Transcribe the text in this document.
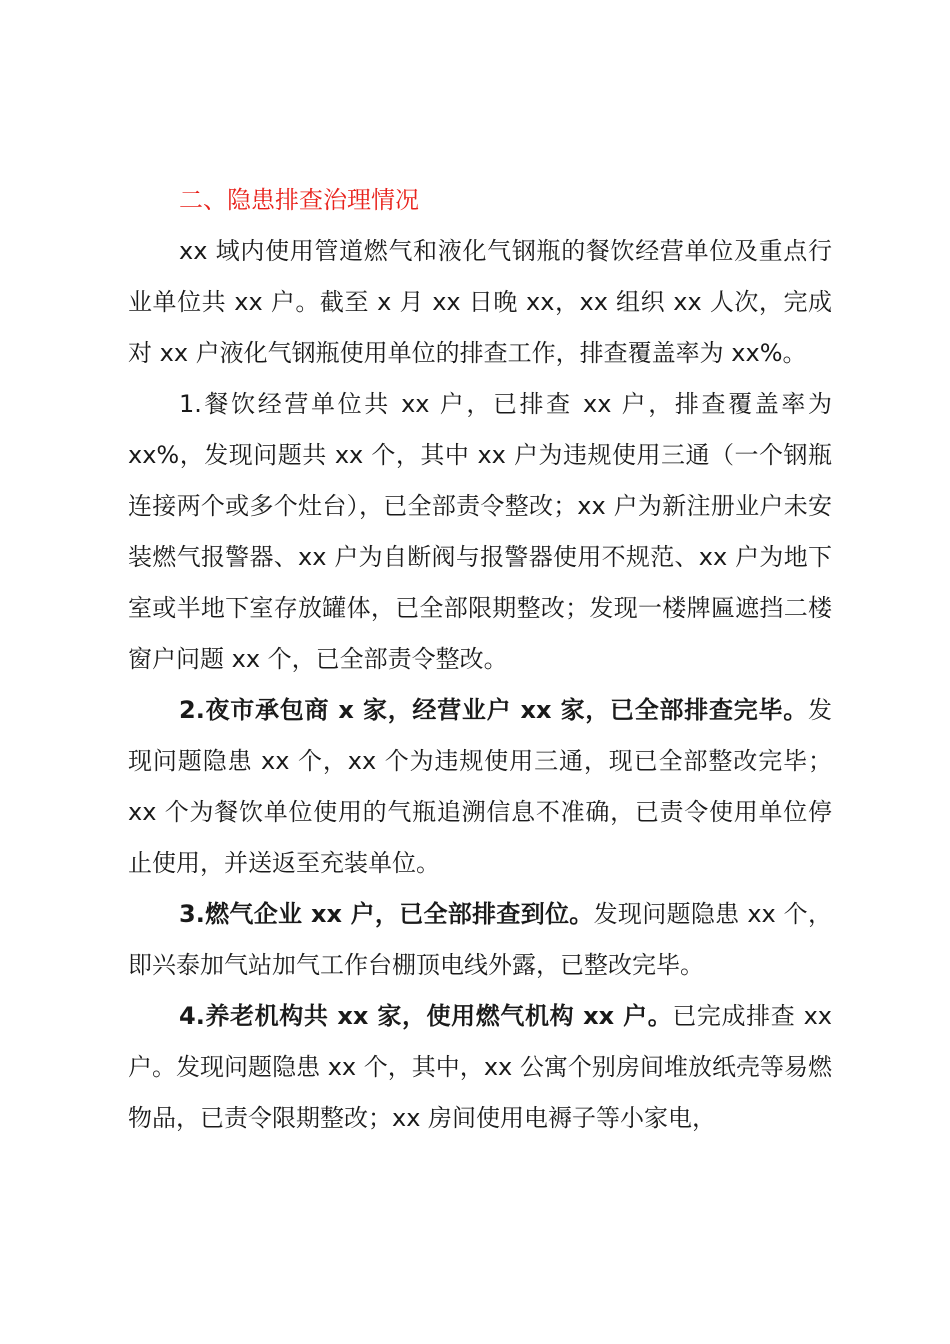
二、隐患排查治理情况

xx 域内使用管道燃气和液化气钢瓶的餐饮经营单位及重点行业单位共 xx 户。截至 x 月 xx 日晚 xx，xx 组织 xx 人次，完成对 xx 户液化气钢瓶使用单位的排查工作，排查覆盖率为 xx%。

1.餐饮经营单位共 xx 户，已排查 xx 户，排查覆盖率为 xx%，发现问题共 xx 个，其中 xx 户为违规使用三通（一个钢瓶连接两个或多个灶台），已全部责令整改；xx 户为新注册业户未安装燃气报警器、xx 户为自断阀与报警器使用不规范、xx 户为地下室或半地下室存放罐体，已全部限期整改；发现一楼牌匾遮挡二楼窗户问题 xx 个，已全部责令整改。

2.夜市承包商 x 家，经营业户 xx 家，已全部排查完毕。发现问题隐患 xx 个，xx 个为违规使用三通，现已全部整改完毕；xx 个为餐饮单位使用的气瓶追溯信息不准确，已责令使用单位停止使用，并送返至充装单位。

3.燃气企业 xx 户，已全部排查到位。发现问题隐患 xx 个，即兴泰加气站加气工作台棚顶电线外露，已整改完毕。

4.养老机构共 xx 家，使用燃气机构 xx 户。已完成排查 xx 户。发现问题隐患 xx 个，其中，xx 公寓个别房间堆放纸壳等易燃物品，已责令限期整改；xx 房间使用电褥子等小家电，
